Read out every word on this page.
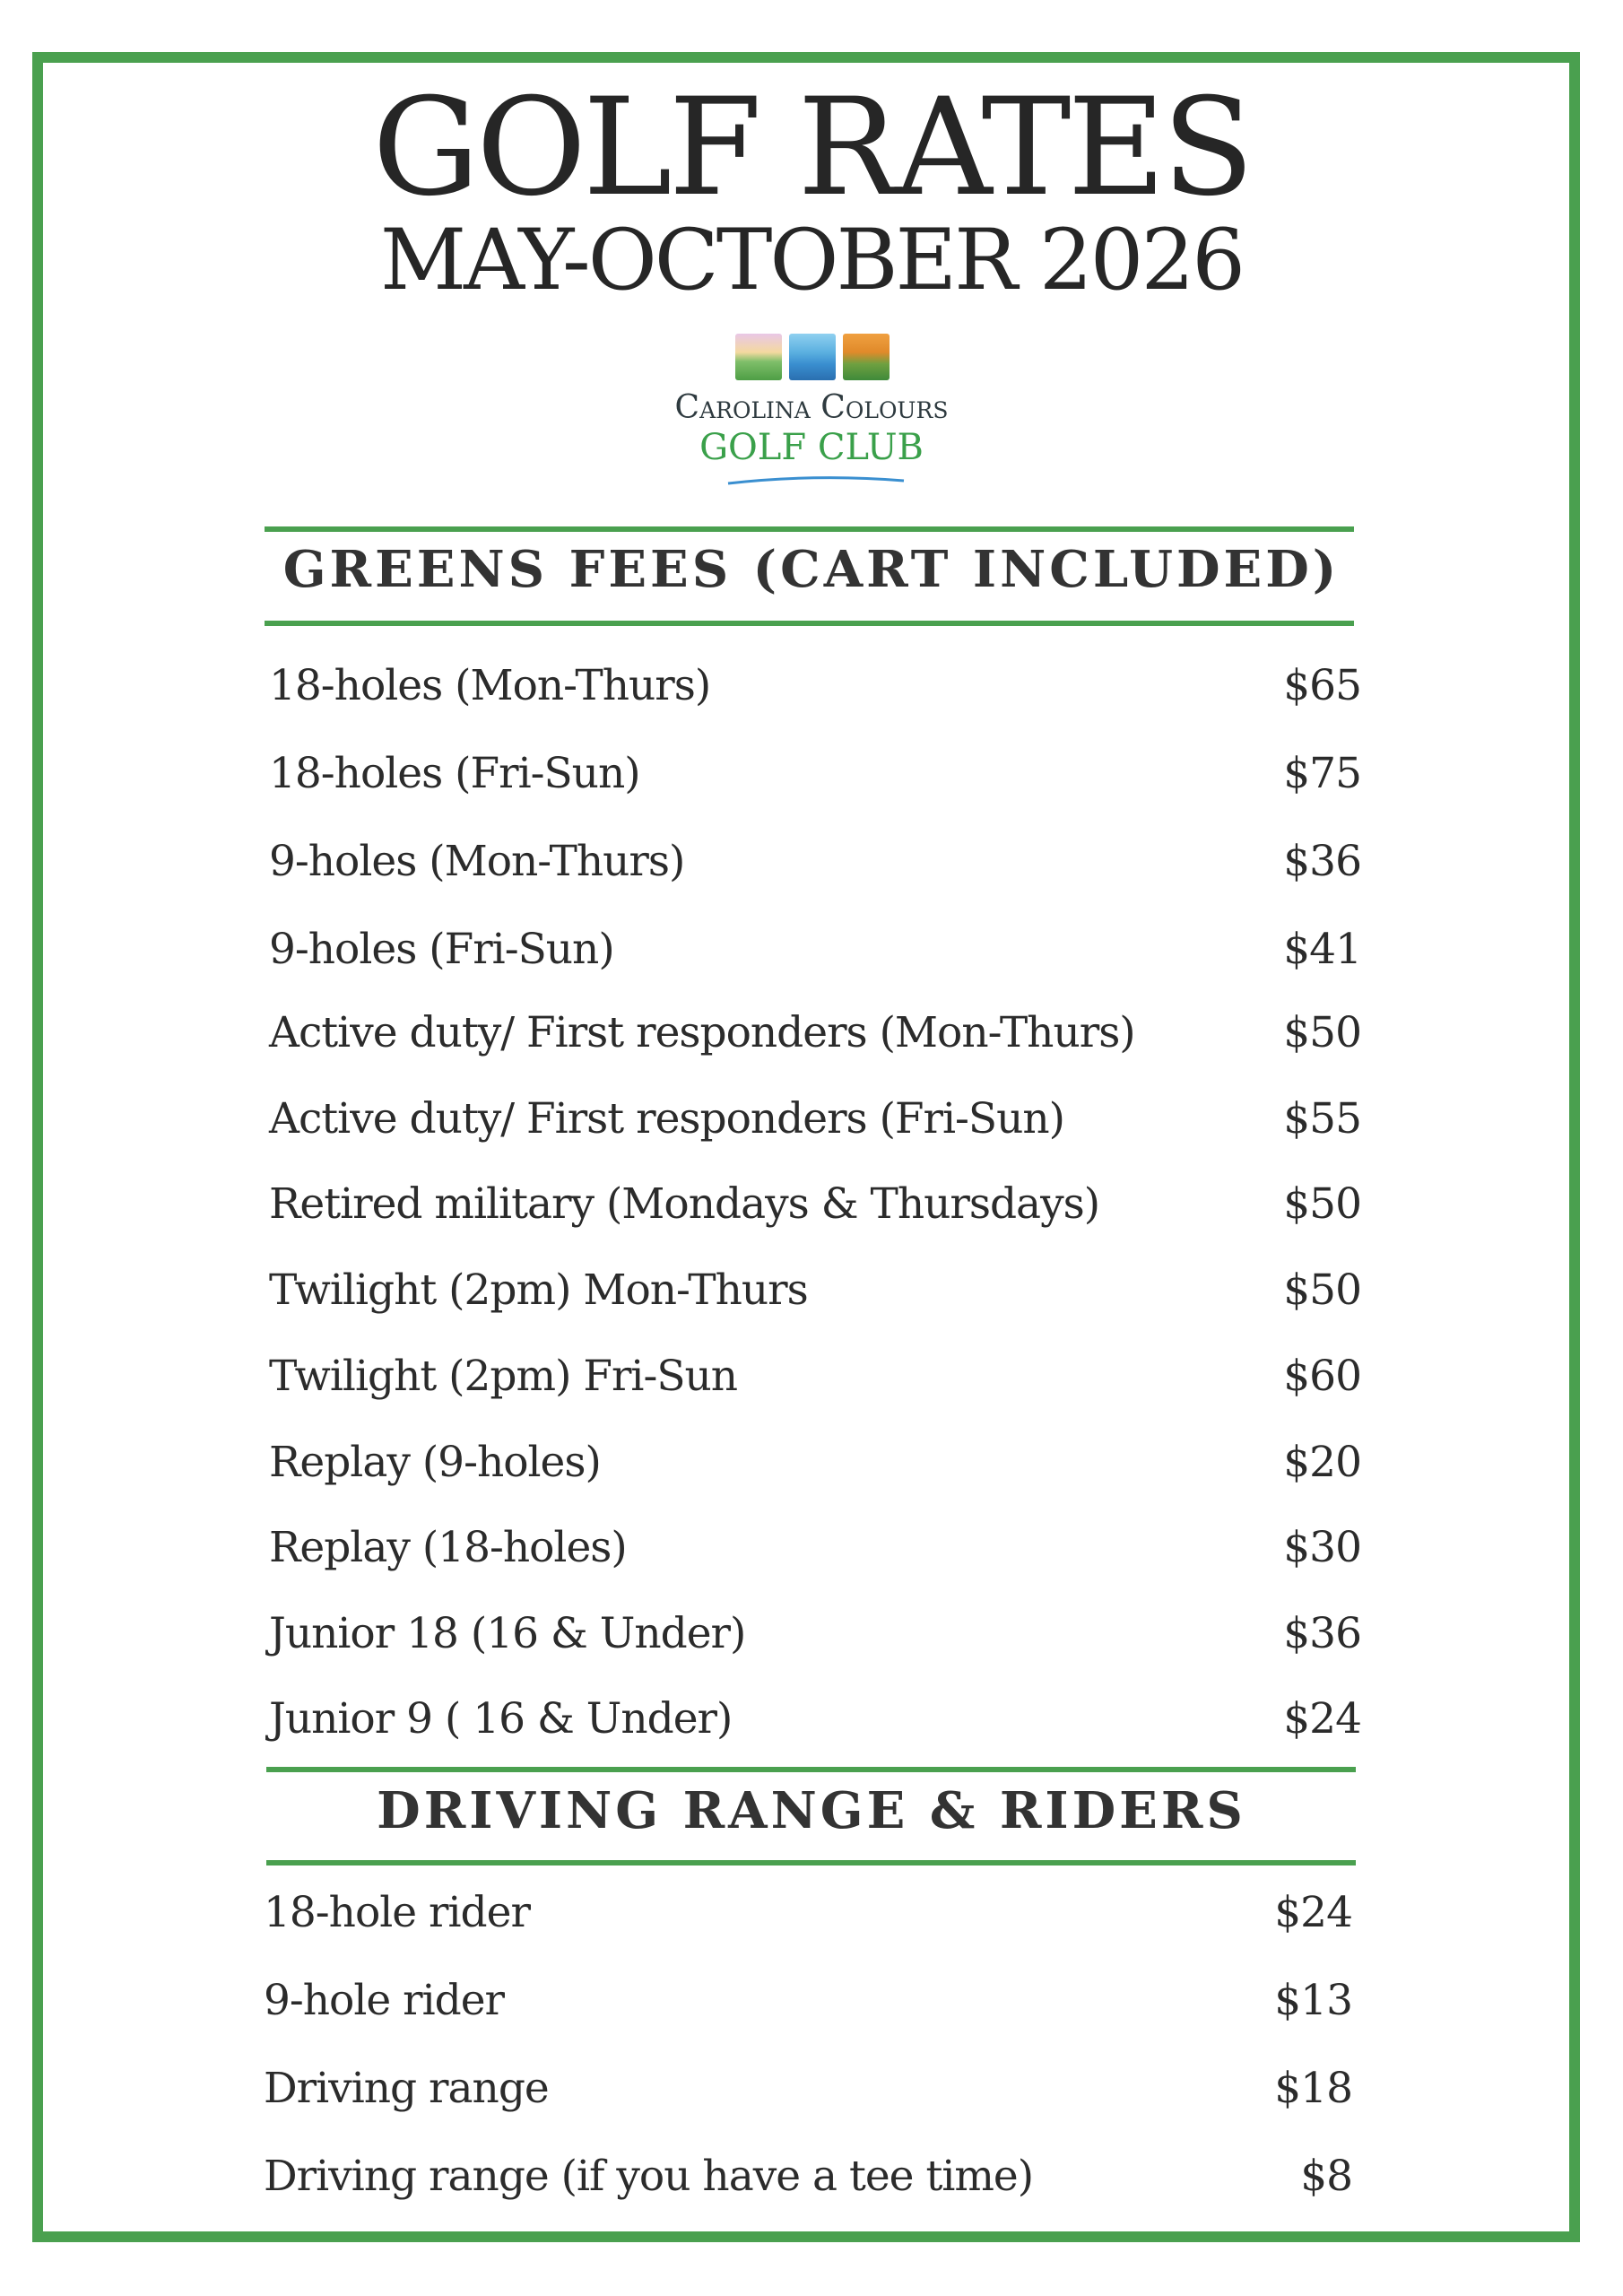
GOLF RATES
MAY-OCTOBER 2026
Carolina Colours
GOLF CLUB
GREENS FEES (CART INCLUDED)
18-holes (Mon-Thurs)	$65
18-holes (Fri-Sun)	$75
9-holes (Mon-Thurs)	$36
9-holes (Fri-Sun)	$41
Active duty/ First responders (Mon-Thurs)	$50
Active duty/ First responders (Fri-Sun)	$55
Retired military (Mondays & Thursdays)	$50
Twilight (2pm) Mon-Thurs	$50
Twilight (2pm) Fri-Sun	$60
Replay (9-holes)	$20
Replay (18-holes)	$30
Junior 18 (16 & Under)	$36
Junior 9 ( 16 & Under)	$24
DRIVING RANGE & RIDERS
18-hole rider	$24
9-hole rider	$13
Driving range	$18
Driving range (if you have a tee time)	$8
